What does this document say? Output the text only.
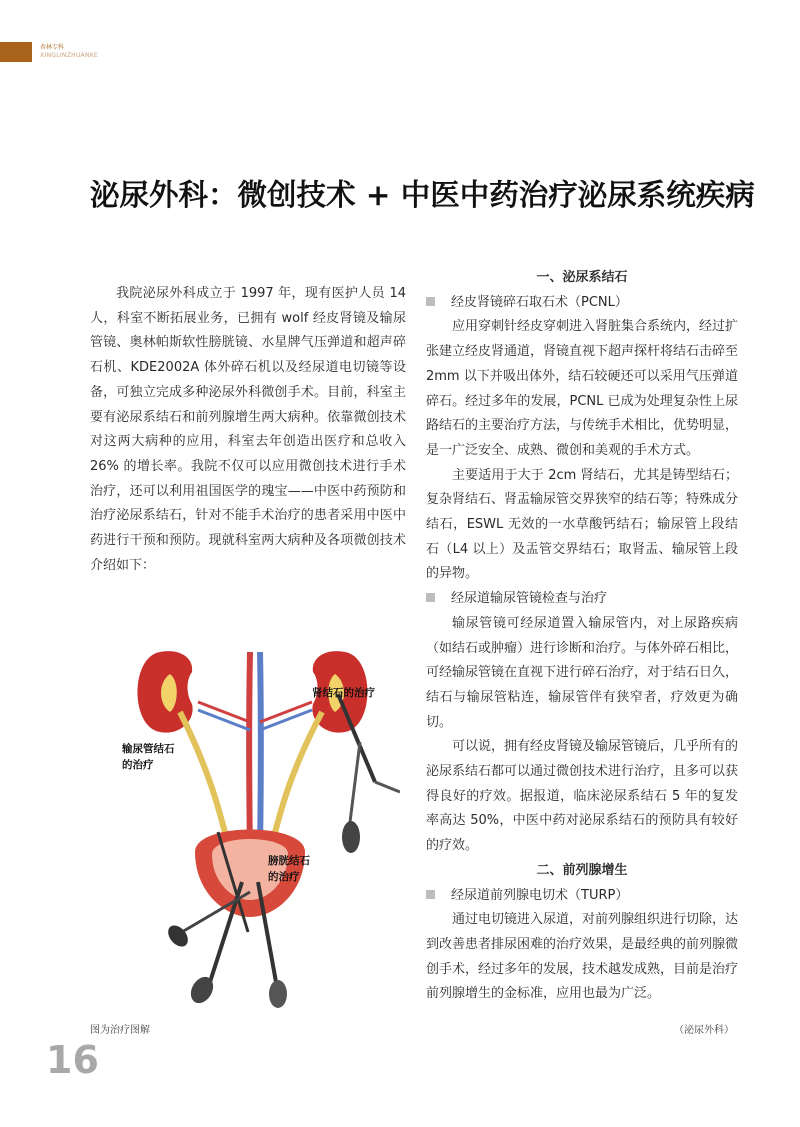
杏林专科
XINGLINZHUANKE
泌尿外科：微创技术 + 中医中药治疗泌尿系统疾病

我院泌尿外科成立于 1997 年，现有医护人员 14 人，科室不断拓展业务，已拥有 wolf 经皮肾镜及输尿管镜、奥林帕斯软性膀胱镜、水星牌气压弹道和超声碎石机、KDE2002A 体外碎石机以及经尿道电切镜等设备，可独立完成多种泌尿外科微创手术。目前，科室主要有泌尿系结石和前列腺增生两大病种。依靠微创技术对这两大病种的应用，科室去年创造出医疗和总收入 26% 的增长率。我院不仅可以应用微创技术进行手术治疗，还可以利用祖国医学的瑰宝——中医中药预防和治疗泌尿系结石，针对不能手术治疗的患者采用中医中药进行干预和预防。现就科室两大病种及各项微创技术介绍如下：

肾结石的治疗
输尿管结石
的治疗
膀胱结石
的治疗

一、泌尿系结石

经皮肾镜碎石取石术（PCNL）

应用穿刺针经皮穿刺进入肾脏集合系统内，经过扩张建立经皮肾通道，肾镜直视下超声探杆将结石击碎至 2mm 以下并吸出体外，结石较硬还可以采用气压弹道碎石。经过多年的发展，PCNL 已成为处理复杂性上尿路结石的主要治疗方法，与传统手术相比，优势明显，是一广泛安全、成熟、微创和美观的手术方式。

主要适用于大于 2cm 肾结石，尤其是铸型结石；复杂肾结石、肾盂输尿管交界狭窄的结石等；特殊成分结石，ESWL 无效的一水草酸钙结石；输尿管上段结石（L4 以上）及盂管交界结石；取肾盂、输尿管上段的异物。

经尿道输尿管镜检查与治疗

输尿管镜可经尿道置入输尿管内，对上尿路疾病（如结石或肿瘤）进行诊断和治疗。与体外碎石相比，可经输尿管镜在直视下进行碎石治疗，对于结石日久，结石与输尿管粘连，输尿管伴有狭窄者，疗效更为确切。

可以说，拥有经皮肾镜及输尿管镜后，几乎所有的泌尿系结石都可以通过微创技术进行治疗，且多可以获得良好的疗效。据报道，临床泌尿系结石 5 年的复发率高达 50%，中医中药对泌尿系结石的预防具有较好的疗效。

二、前列腺增生

经尿道前列腺电切术（TURP）

通过电切镜进入尿道，对前列腺组织进行切除，达到改善患者排尿困难的治疗效果，是最经典的前列腺微创手术，经过多年的发展，技术越发成熟，目前是治疗前列腺增生的金标准，应用也最为广泛。

图为治疗图解	（泌尿外科）
16
